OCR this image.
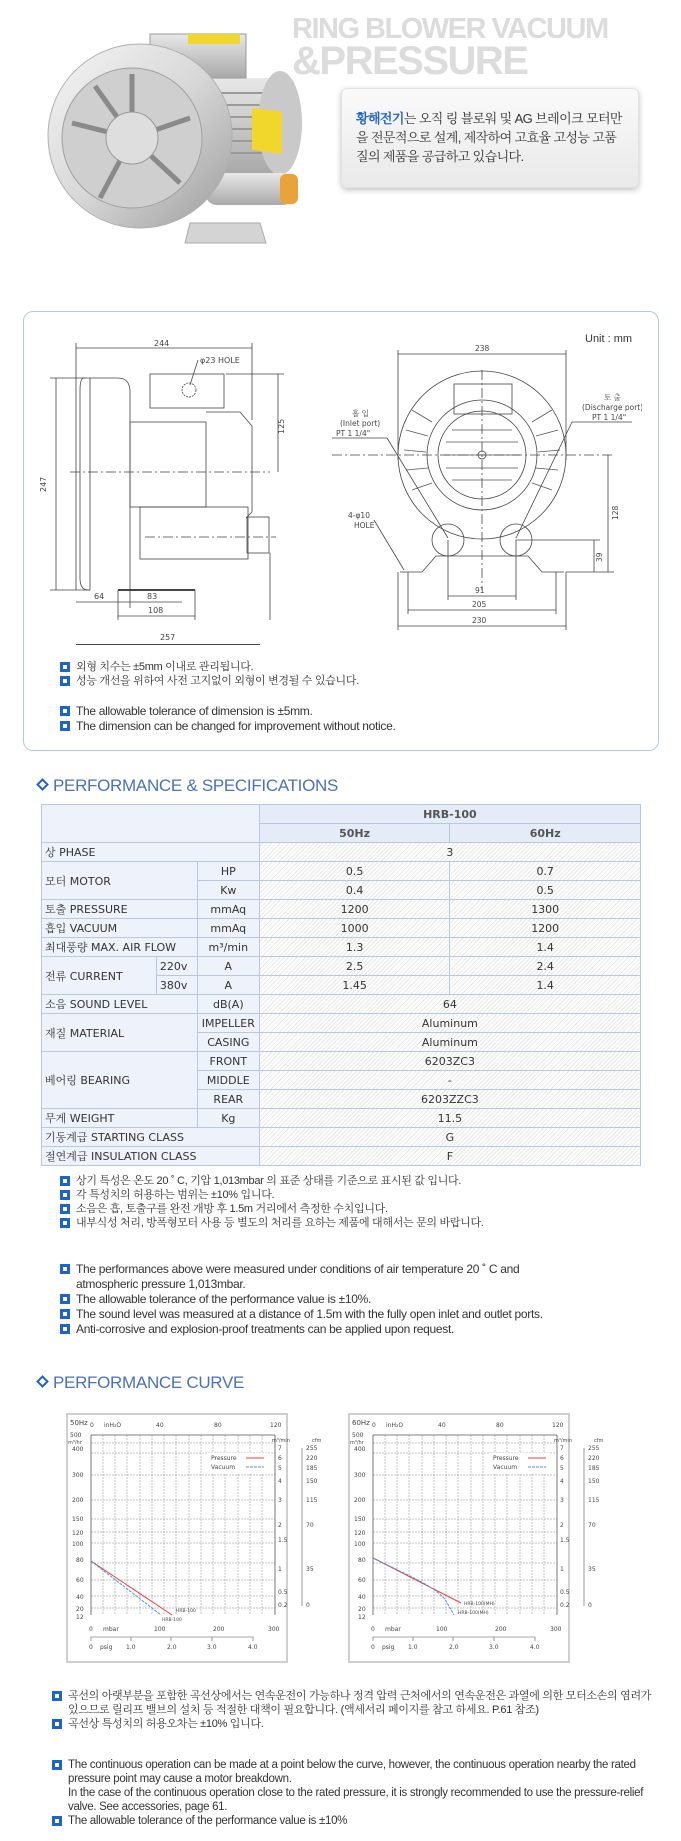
RING BLOWER VACUUM
&PRESSURE
황해전기는 오직 링 블로워 및 AG 브레이크 모터만을 전문적으로 설계, 제작하여 고효율 고성능 고품질의 제품을 공급하고 있습니다.
Unit : mm
244
φ23 HOLE
247
125
64	83
108
257
238
흡 입
(Inlet port)
PT 1 1/4"
토 출
(Discharge port)
PT 1 1/4"
4-φ10
HOLE
128
39
91
205
230
외형 치수는 ±5mm 이내로 관리됩니다.
성능 개선을 위하여 사전 고지없이 외형이 변경될 수 있습니다.
The allowable tolerance of dimension is ±5mm.
The dimension can be changed for improvement without notice.
PERFORMANCE & SPECIFICATIONS
			HRB-100	
			50Hz	60Hz
상 PHASE			3	
모터 MOTOR		HP	0.5	0.7
		Kw	0.4	0.5
토출 PRESSURE		mmAq	1200	1300
흡입 VACUUM		mmAq	1000	1200
최대풍량 MAX. AIR FLOW		m³/min	1.3	1.4
전류 CURRENT	220v	A	2.5	2.4
	380v	A	1.45	1.4
소음 SOUND LEVEL		dB(A)	64	
재질 MATERIAL		IMPELLER	Aluminum	
		CASING	Aluminum	
베어링 BEARING		FRONT	6203ZC3	
		MIDDLE	-	
		REAR	6203ZZC3	
무게 WEIGHT		Kg	11.5	
기동계급 STARTING CLASS			G	
절연계급 INSULATION CLASS			F	
상기 특성은 온도 20 ˚ C, 기압 1,013mbar 의 표준 상태를 기준으로 표시된 값 입니다.
각 특성치의 허용하는 범위는 ±10% 입니다.
소음은 흡, 토출구를 완전 개방 후 1.5m 거리에서 측정한 수치입니다.
내부식성 처리, 방폭형모터 사용 등 별도의 처리를 요하는 제품에 대해서는 문의 바랍니다.
The performances above were measured under conditions of air temperature 20 ˚ C and atmospheric pressure 1,013mbar.
The allowable tolerance of the performance value is ±10%.
The sound level was measured at a distance of 1.5m with the fully open inlet and outlet ports.
Anti-corrosive and explosion-proof treatments can be applied upon request.
PERFORMANCE CURVE
50Hz	inH₂O
0	40	80	120
500
m³/hr
400
300
200
150
120
100
80
60
40
20
12
Pressure
Vacuum
HRB-100
HRB-100
0 mbar	100	200	300
0 psig 1.0	2.0	3.0	4.0
m³/min	cfm
7
6
5
4
3
2
1.5
1
0.5
0.2
255
220
185
150
115
70
35
0
60Hz	inH₂O
0	40	80	120
500
m³/hr
400
300
200
150
120
100
80
60
40
20
12
Pressure
Vacuum
HRB-100(MH)
HRB-100(MH)
0 mbar	100	200	300
0 psig 1.0	2.0	3.0	4.0
m³/min	cfm
7
6
5
4
3
2
1.5
1
0.5
0.2
255
220
185
150
115
70
35
0
곡선의 아랫부분을 포함한 곡선상에서는 연속운전이 가능하나 정격 압력 근처에서의 연속운전은 과열에 의한 모터소손의 염려가 있으므로 릴리프 밸브의 설치 등 적절한 대책이 필요합니다. (액세서리 페이지를 참고 하세요. P.61 참조)
곡선상 특성치의 허용오차는 ±10% 입니다.
The continuous operation can be made at a point below the curve, however, the continuous operation nearby the rated pressure point may cause a motor breakdown.
In the case of the continuous operation close to the rated pressure, it is strongly recommended to use the pressure-relief valve. See accessories, page 61.
The allowable tolerance of the performance value is ±10%
